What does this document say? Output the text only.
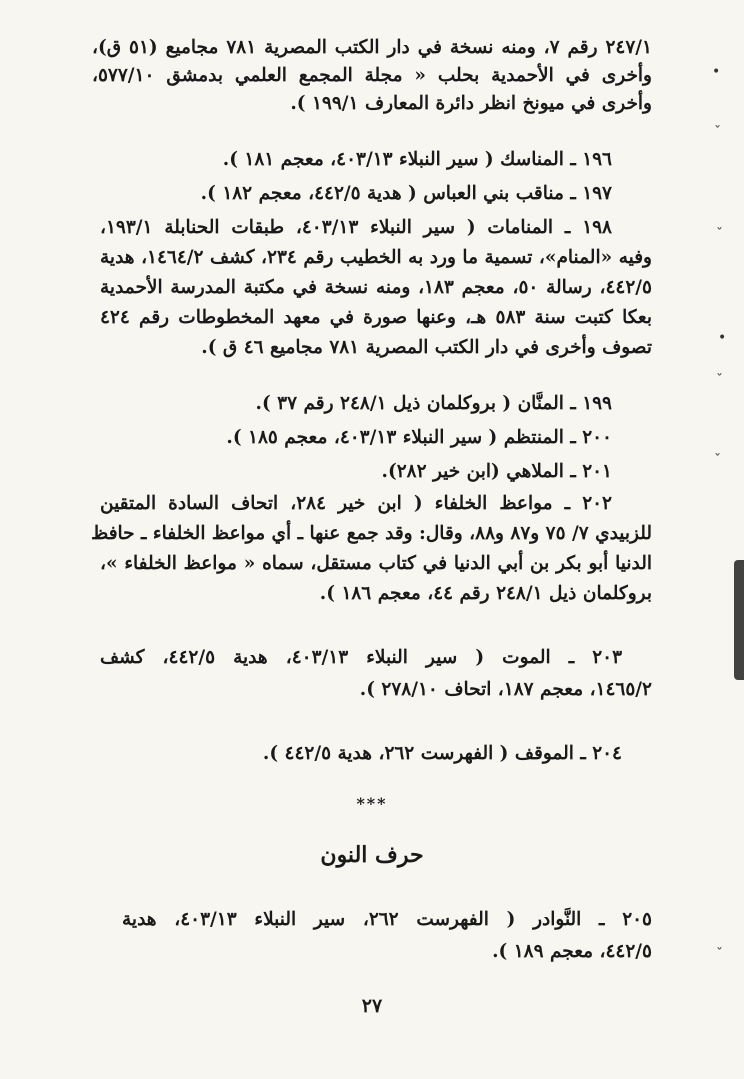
٢٤٧/١ رقم ٧، ومنه نسخة في دار الكتب المصرية ٧٨١ مجاميع (٥١ ق)،
وأخرى في الأحمدية بحلب « مجلة المجمع العلمي بدمشق ٥٧٧/١٠،
وأخرى في ميونخ انظر دائرة المعارف ١٩٩/١ ).
١٩٦ ـ المناسك ( سير النبلاء ٤٠٣/١٣، معجم ١٨١ ).
١٩٧ ـ مناقب بني العباس ( هدية ٤٤٢/٥، معجم ١٨٢ ).
١٩٨ ـ المنامات ( سير النبلاء ٤٠٣/١٣، طبقات الحنابلة ١٩٣/١،
وفيه «المنام»، تسمية ما ورد به الخطيب رقم ٢٣٤، كشف ١٤٦٤/٢، هدية
٤٤٢/٥، رسالة ٥٠، معجم ١٨٣، ومنه نسخة في مكتبة المدرسة الأحمدية
بعكا كتبت سنة ٥٨٣ هـ، وعنها صورة في معهد المخطوطات رقم ٤٢٤
تصوف وأخرى في دار الكتب المصرية ٧٨١ مجاميع ٤٦ ق ).
١٩٩ ـ المنَّان ( بروكلمان ذيل ٢٤٨/١ رقم ٣٧ ).
٢٠٠ ـ المنتظم ( سير النبلاء ٤٠٣/١٣، معجم ١٨٥ ).
٢٠١ ـ الملاهي (ابن خير ٢٨٢).
٢٠٢ ـ مواعظ الخلفاء ( ابن خير ٢٨٤، اتحاف السادة المتقين
للزبيدي ٧/ ٧٥ و٨٧ و٨٨، وقال: وقد جمع عنها ـ أي مواعظ الخلفاء ـ حافظ
الدنيا أبو بكر بن أبي الدنيا في كتاب مستقل، سماه « مواعظ الخلفاء »،
بروكلمان ذيل ٢٤٨/١ رقم ٤٤، معجم ١٨٦ ).
٢٠٣ ـ الموت ( سير النبلاء ٤٠٣/١٣، هدية ٤٤٢/٥، كشف
١٤٦٥/٢، معجم ١٨٧، اتحاف ٢٧٨/١٠ ).
٢٠٤ ـ الموقف ( الفهرست ٢٦٢، هدية ٤٤٢/٥ ).
***
حرف النون
٢٠٥ ـ النَّوادر ( الفهرست ٢٦٢، سير النبلاء ٤٠٣/١٣، هدية
٤٤٢/٥، معجم ١٨٩ ).
٢٧
•
ˇ
ˇ
•
ˇ
ˇ
ˇ
